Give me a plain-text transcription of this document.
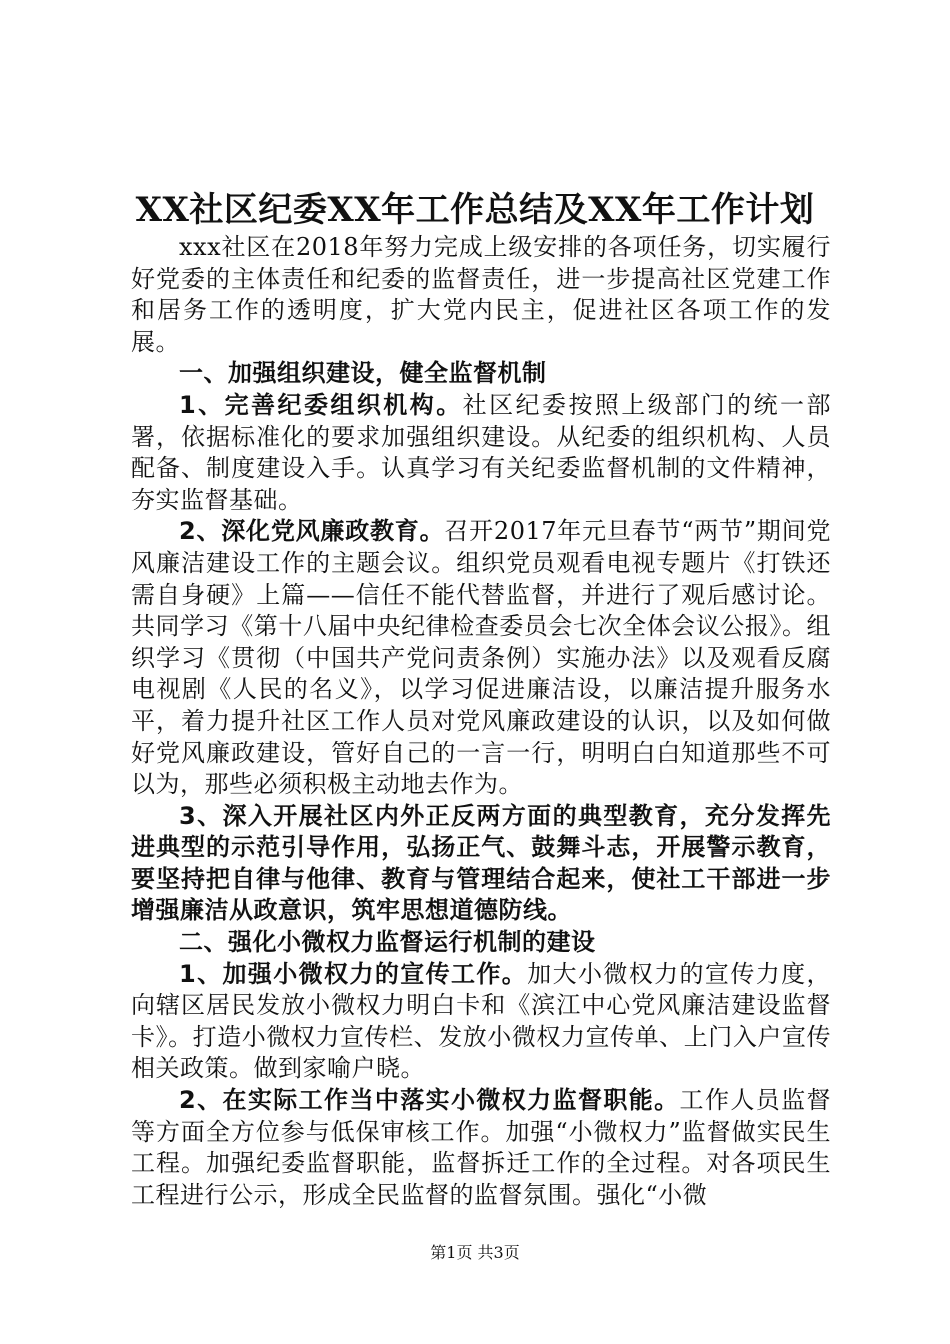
XX社区纪委XX年工作总结及XX年工作计划

xxx社区在2018年努力完成上级安排的各项任务，切实履行好党委的主体责任和纪委的监督责任，进一步提高社区党建工作和居务工作的透明度，扩大党内民主，促进社区各项工作的发展。

一、加强组织建设，健全监督机制

1、完善纪委组织机构。社区纪委按照上级部门的统一部署，依据标准化的要求加强组织建设。从纪委的组织机构、人员配备、制度建设入手。认真学习有关纪委监督机制的文件精神，夯实监督基础。

2、深化党风廉政教育。召开2017年元旦春节“两节”期间党风廉洁建设工作的主题会议。组织党员观看电视专题片《打铁还需自身硬》上篇——信任不能代替监督，并进行了观后感讨论。共同学习《第十八届中央纪律检查委员会七次全体会议公报》。组织学习《贯彻（中国共产党问责条例）实施办法》以及观看反腐电视剧《人民的名义》，以学习促进廉洁设，以廉洁提升服务水平，着力提升社区工作人员对党风廉政建设的认识，以及如何做好党风廉政建设，管好自己的一言一行，明明白白知道那些不可以为，那些必须积极主动地去作为。

3、深入开展社区内外正反两方面的典型教育，充分发挥先进典型的示范引导作用，弘扬正气、鼓舞斗志，开展警示教育，要坚持把自律与他律、教育与管理结合起来，使社工干部进一步增强廉洁从政意识，筑牢思想道德防线。

二、强化小微权力监督运行机制的建设

1、加强小微权力的宣传工作。加大小微权力的宣传力度，向辖区居民发放小微权力明白卡和《滨江中心党风廉洁建设监督卡》。打造小微权力宣传栏、发放小微权力宣传单、上门入户宣传相关政策。做到家喻户晓。

2、在实际工作当中落实小微权力监督职能。工作人员监督等方面全方位参与低保审核工作。加强“小微权力”监督做实民生工程。加强纪委监督职能，监督拆迁工作的全过程。对各项民生工程进行公示，形成全民监督的监督氛围。强化“小微

第1页 共3页
